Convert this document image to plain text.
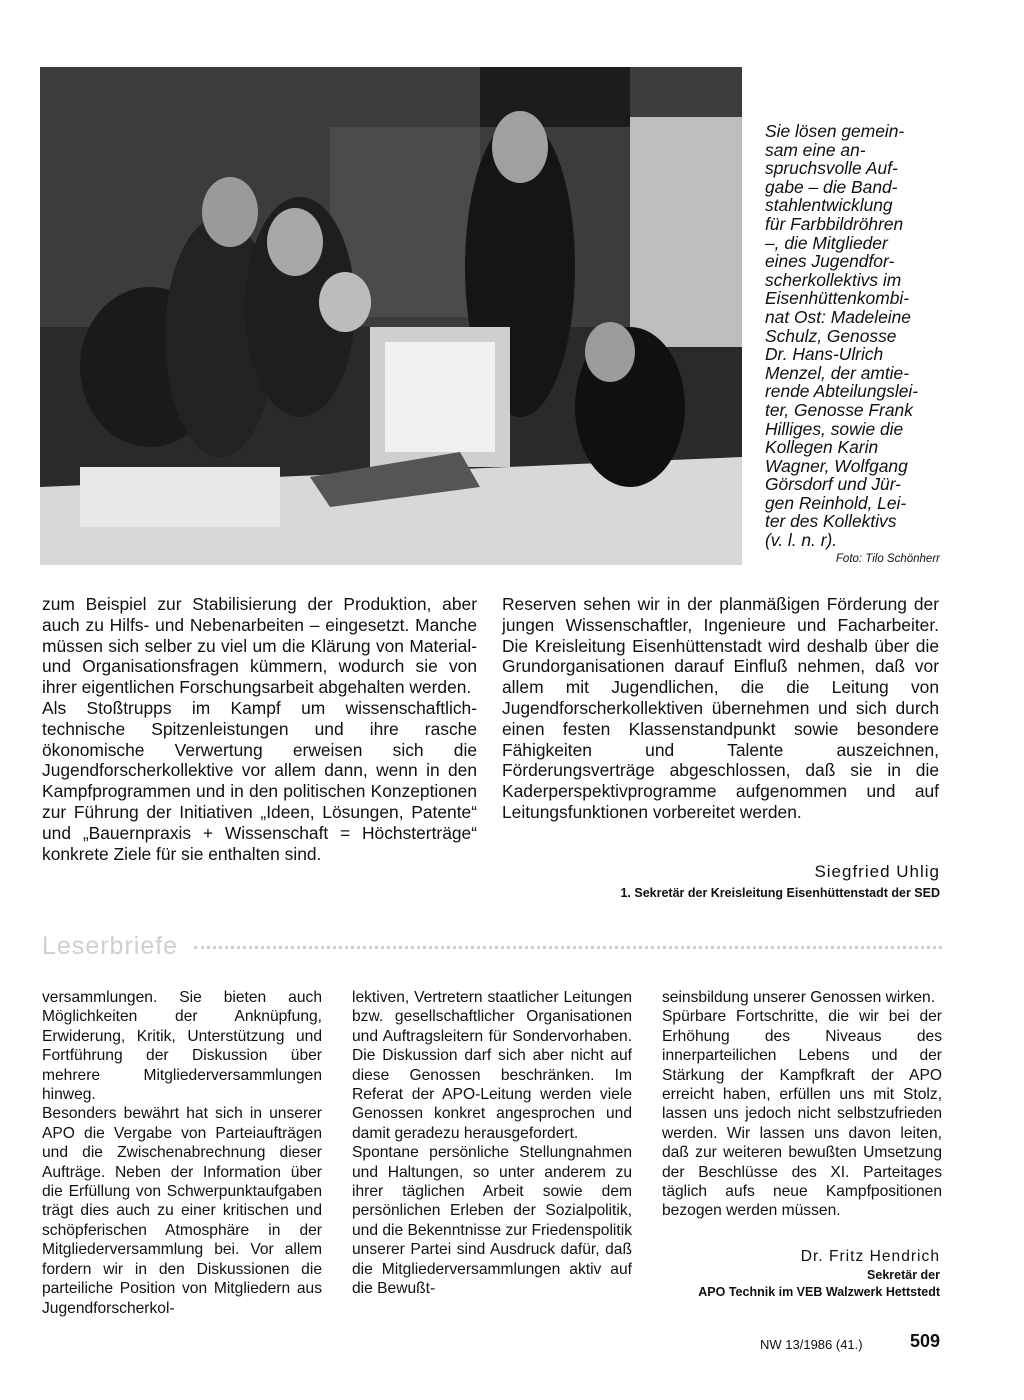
Sie lösen gemein-
sam eine an-
spruchsvolle Auf-
gabe – die Band-
stahlentwicklung
für Farbbildröhren
–, die Mitglieder
eines Jugendfor-
scherkollektivs im
Eisenhüttenkombi-
nat Ost: Madeleine
Schulz, Genosse
Dr. Hans-Ulrich
Menzel, der amtie-
rende Abteilungslei-
ter, Genosse Frank
Hilliges, sowie die
Kollegen Karin
Wagner, Wolfgang
Görsdorf und Jür-
gen Reinhold, Lei-
ter des Kollektivs
(v. l. n. r).
Foto: Tilo Schönherr

zum Beispiel zur Stabilisierung der Produktion, aber auch zu Hilfs- und Nebenarbeiten – eingesetzt. Manche müssen sich selber zu viel um die Klärung von Material- und Organisationsfragen kümmern, wodurch sie von ihrer eigentlichen Forschungsarbeit abgehalten werden.

Als Stoßtrupps im Kampf um wissenschaftlich-technische Spitzenleistungen und ihre rasche ökonomische Verwertung erweisen sich die Jugendforscherkollektive vor allem dann, wenn in den Kampfprogrammen und in den politischen Konzeptionen zur Führung der Initiativen „Ideen, Lösungen, Patente“ und „Bauernpraxis + Wissenschaft = Höchsterträge“ konkrete Ziele für sie enthalten sind.

Reserven sehen wir in der planmäßigen Förderung der jungen Wissenschaftler, Ingenieure und Facharbeiter. Die Kreisleitung Eisenhüttenstadt wird deshalb über die Grundorganisationen darauf Einfluß nehmen, daß vor allem mit Jugendlichen, die die Leitung von Jugendforscherkollektiven übernehmen und sich durch einen festen Klassenstandpunkt sowie besondere Fähigkeiten und Talente auszeichnen, Förderungsverträge abgeschlossen, daß sie in die Kaderperspektivprogramme aufgenommen und auf Leitungsfunktionen vorbereitet werden.

Siegfried Uhlig
1. Sekretär der Kreisleitung Eisenhüttenstadt der SED
Leserbriefe

versammlungen. Sie bieten auch Möglichkeiten der Anknüpfung, Erwiderung, Kritik, Unterstützung und Fortführung der Diskussion über mehrere Mitgliederversammlungen hinweg.

Besonders bewährt hat sich in unserer APO die Vergabe von Parteiaufträgen und die Zwischenabrechnung dieser Aufträge. Neben der Information über die Erfüllung von Schwerpunktaufgaben trägt dies auch zu einer kritischen und schöpferischen Atmosphäre in der Mitgliederversammlung bei. Vor allem fordern wir in den Diskussionen die parteiliche Position von Mitgliedern aus Jugendforscherkol-

lektiven, Vertretern staatlicher Leitungen bzw. gesellschaftlicher Organisationen und Auftragsleitern für Sondervorhaben. Die Diskussion darf sich aber nicht auf diese Genossen beschränken. Im Referat der APO-Leitung werden viele Genossen konkret angesprochen und damit geradezu herausgefordert.

Spontane persönliche Stellungnahmen und Haltungen, so unter anderem zu ihrer täglichen Arbeit sowie dem persönlichen Erleben der Sozialpolitik, und die Bekenntnisse zur Friedenspolitik unserer Partei sind Ausdruck dafür, daß die Mitgliederversammlungen aktiv auf die Bewußt-

seinsbildung unserer Genossen wirken.

Spürbare Fortschritte, die wir bei der Erhöhung des Niveaus des innerparteilichen Lebens und der Stärkung der Kampfkraft der APO erreicht haben, erfüllen uns mit Stolz, lassen uns jedoch nicht selbstzufrieden werden. Wir lassen uns davon leiten, daß zur weiteren bewußten Umsetzung der Beschlüsse des XI. Parteitages täglich aufs neue Kampfpositionen bezogen werden müssen.

Dr. Fritz Hendrich
Sekretär der
APO Technik im VEB Walzwerk Hettstedt
NW 13/1986 (41.)	509
